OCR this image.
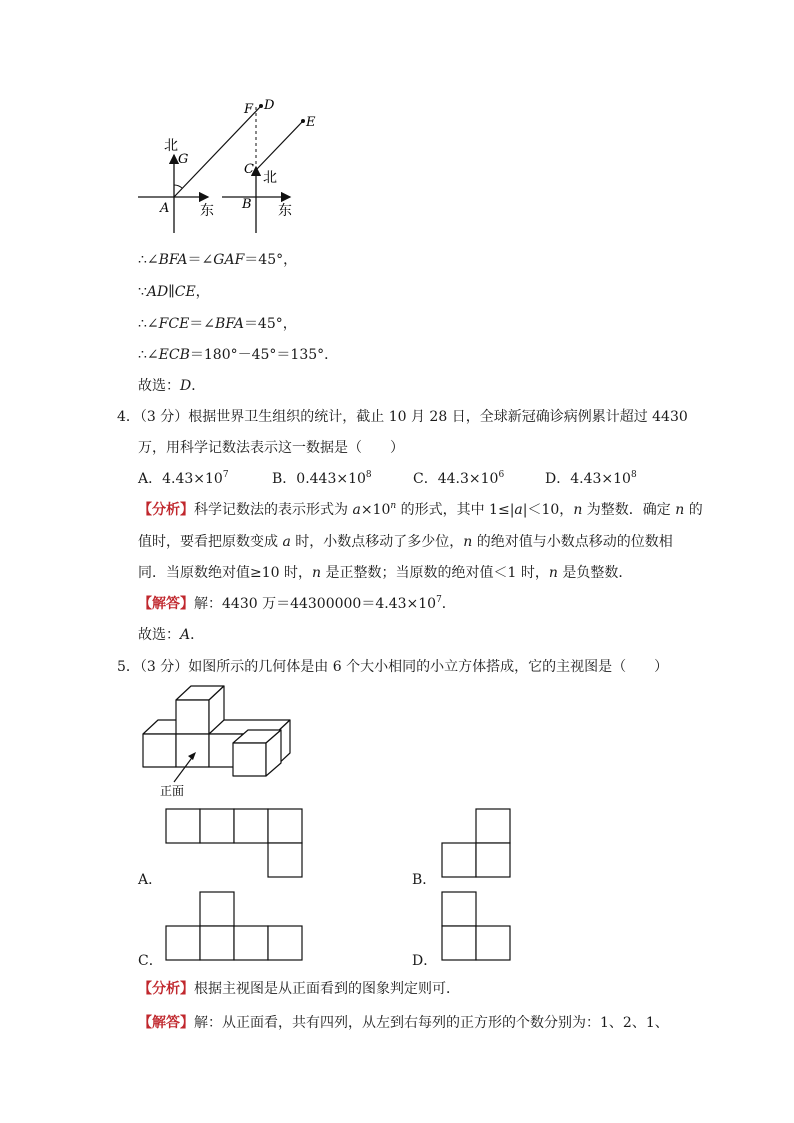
北
G
A 东
F D
E
C
北
B 东
∴∠BFA＝∠GAF＝45°，
∵AD∥CE，
∴∠FCE＝∠BFA＝45°，
∴∠ECB＝180°－45°＝135°．
故选：D．
4．（3 分）根据世界卫生组织的统计，截止 10 月 28 日，全球新冠确诊病例累计超过 4430
万，用科学记数法表示这一数据是（　　）
A．$4.43\times 10^7$	B．$0.443\times 10^8$	C．$44.3\times 10^6$	D．$4.43\times 10^8$
【分析】科学记数法的表示形式为 $a\times 10^n$ 的形式，其中 1≤|a|＜10，n 为整数．确定 n 的
值时，要看把原数变成 a 时，小数点移动了多少位，n 的绝对值与小数点移动的位数相
同．当原数绝对值≥10 时，n 是正整数；当原数的绝对值＜1 时，n 是负整数．
【解答】解：4430 万$=44300000=4.43\times 10^7$．
故选：A．
5．（3 分）如图所示的几何体是由 6 个大小相同的小立方体搭成，它的主视图是（　　）
正面
A．	B．
C．	D．
【分析】根据主视图是从正面看到的图象判定则可．
【解答】解：从正面看，共有四列，从左到右每列的正方形的个数分别为：1、2、1、
